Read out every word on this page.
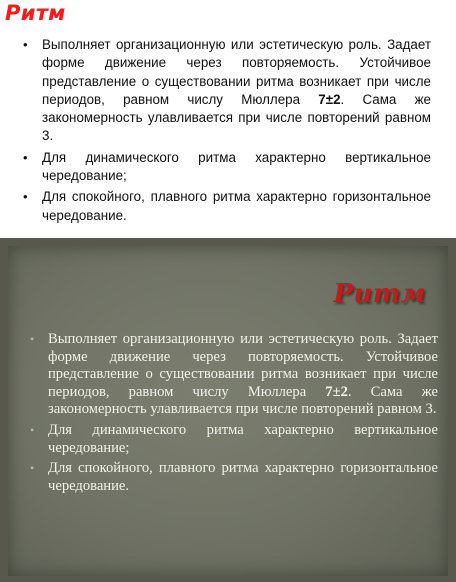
Ритм
• Выполняет организационную или эстетическую роль. Задает форме движение через повторяемость. Устойчивое представление о существовании ритма возникает при числе периодов, равном числу Мюллера 7±2. Сама же закономерность улавливается при числе повторений равном 3.
• Для динамического ритма характерно вертикальное чередование;
• Для спокойного, плавного ритма характерно горизонтальное чередование.
Ритм
• Выполняет организационную или эстетическую роль. Задает форме движение через повторяемость. Устойчивое представление о существовании ритма возникает при числе периодов, равном числу Мюллера 7±2. Сама же закономерность улавливается при числе повторений равном 3.
• Для динамического ритма характерно вертикальное чередование;
• Для спокойного, плавного ритма характерно горизонтальное чередование.
